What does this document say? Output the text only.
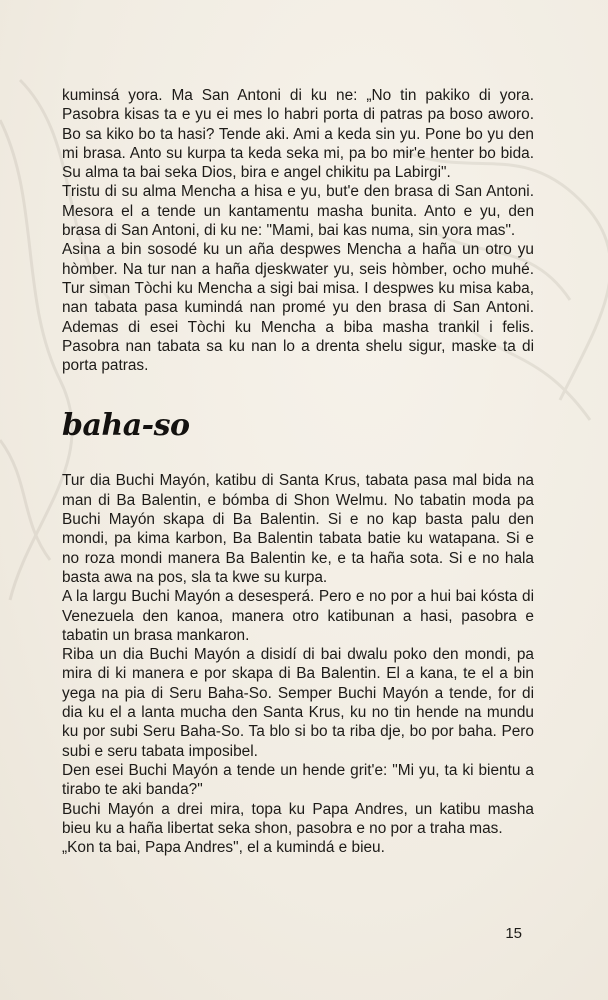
kuminsá yora. Ma San Antoni di ku ne: „No tin pakiko di yora. Pasobra kisas ta e yu ei mes lo habri porta di patras pa boso aworo. Bo sa kiko bo ta hasi? Tende aki. Ami a keda sin yu. Pone bo yu den mi brasa. Anto su kurpa ta keda seka mi, pa bo mir'e henter bo bida. Su alma ta bai seka Dios, bira e angel chikitu pa Labirgi".

Tristu di su alma Mencha a hisa e yu, but'e den brasa di San Antoni. Mesora el a tende un kantamentu masha bunita. Anto e yu, den brasa di San Antoni, di ku ne: "Mami, bai kas numa, sin yora mas".

Asina a bin sosodé ku un aña despwes Mencha a haña un otro yu hòmber. Na tur nan a haña djeskwater yu, seis hòmber, ocho muhé. Tur siman Tòchi ku Mencha a sigi bai misa. I despwes ku misa kaba, nan tabata pasa kumindá nan promé yu den brasa di San Antoni. Ademas di esei Tòchi ku Mencha a biba masha trankil i felis. Pasobra nan tabata sa ku nan lo a drenta shelu sigur, maske ta di porta patras.

baha-so

Tur dia Buchi Mayón, katibu di Santa Krus, tabata pasa mal bida na man di Ba Balentin, e bómba di Shon Welmu. No tabatin moda pa Buchi Mayón skapa di Ba Balentin. Si e no kap basta palu den mondi, pa kima karbon, Ba Balentin tabata batie ku watapana. Si e no roza mondi manera Ba Balentin ke, e ta haña sota. Si e no hala basta awa na pos, sla ta kwe su kurpa.

A la largu Buchi Mayón a desesperá. Pero e no por a hui bai kósta di Venezuela den kanoa, manera otro katibunan a hasi, pasobra e tabatin un brasa mankaron.

Riba un dia Buchi Mayón a disidí di bai dwalu poko den mondi, pa mira di ki manera e por skapa di Ba Balentin. El a kana, te el a bin yega na pia di Seru Baha-So. Semper Buchi Mayón a tende, for di dia ku el a lanta mucha den Santa Krus, ku no tin hende na mundu ku por subi Seru Baha-So. Ta blo si bo ta riba dje, bo por baha. Pero subi e seru tabata imposibel.

Den esei Buchi Mayón a tende un hende grit'e: "Mi yu, ta ki bientu a tirabo te aki banda?"

Buchi Mayón a drei mira, topa ku Papa Andres, un katibu masha bieu ku a haña libertat seka shon, pasobra e no por a traha mas.

„Kon ta bai, Papa Andres", el a kumindá e bieu.

15
